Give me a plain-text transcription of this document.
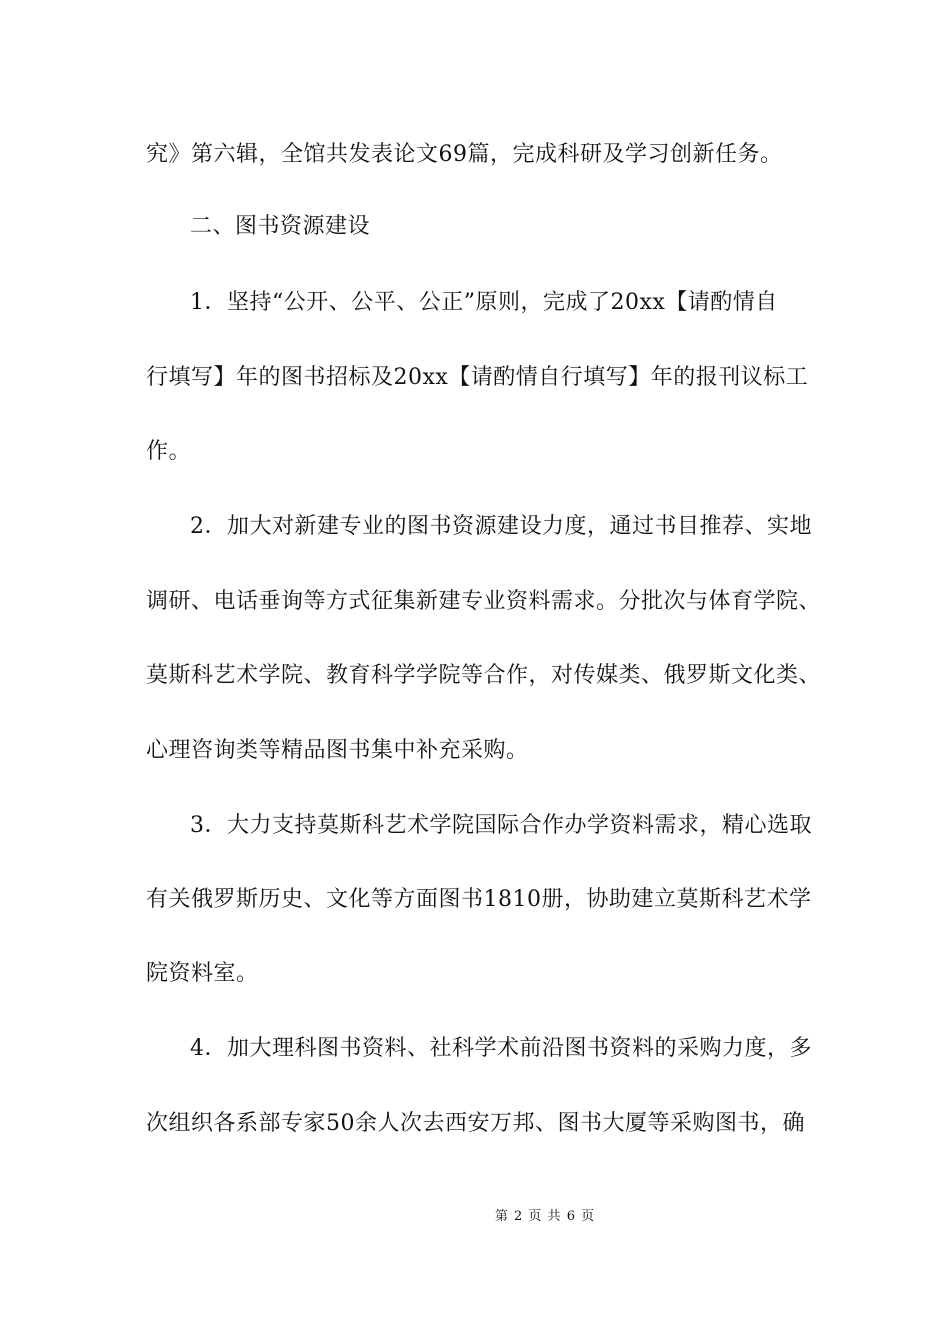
究》第六辑，全馆共发表论文69篇，完成科研及学习创新任务。
二、图书资源建设
1．坚持“公开、公平、公正”原则，完成了20xx【请酌情自
行填写】年的图书招标及20xx【请酌情自行填写】年的报刊议标工
作。
2．加大对新建专业的图书资源建设力度，通过书目推荐、实地
调研、电话垂询等方式征集新建专业资料需求。分批次与体育学院、
莫斯科艺术学院、教育科学学院等合作，对传媒类、俄罗斯文化类、
心理咨询类等精品图书集中补充采购。
3．大力支持莫斯科艺术学院国际合作办学资料需求，精心选取
有关俄罗斯历史、文化等方面图书1810册，协助建立莫斯科艺术学
院资料室。
4．加大理科图书资料、社科学术前沿图书资料的采购力度，多
次组织各系部专家50余人次去西安万邦、图书大厦等采购图书，确
第 2 页 共 6 页
